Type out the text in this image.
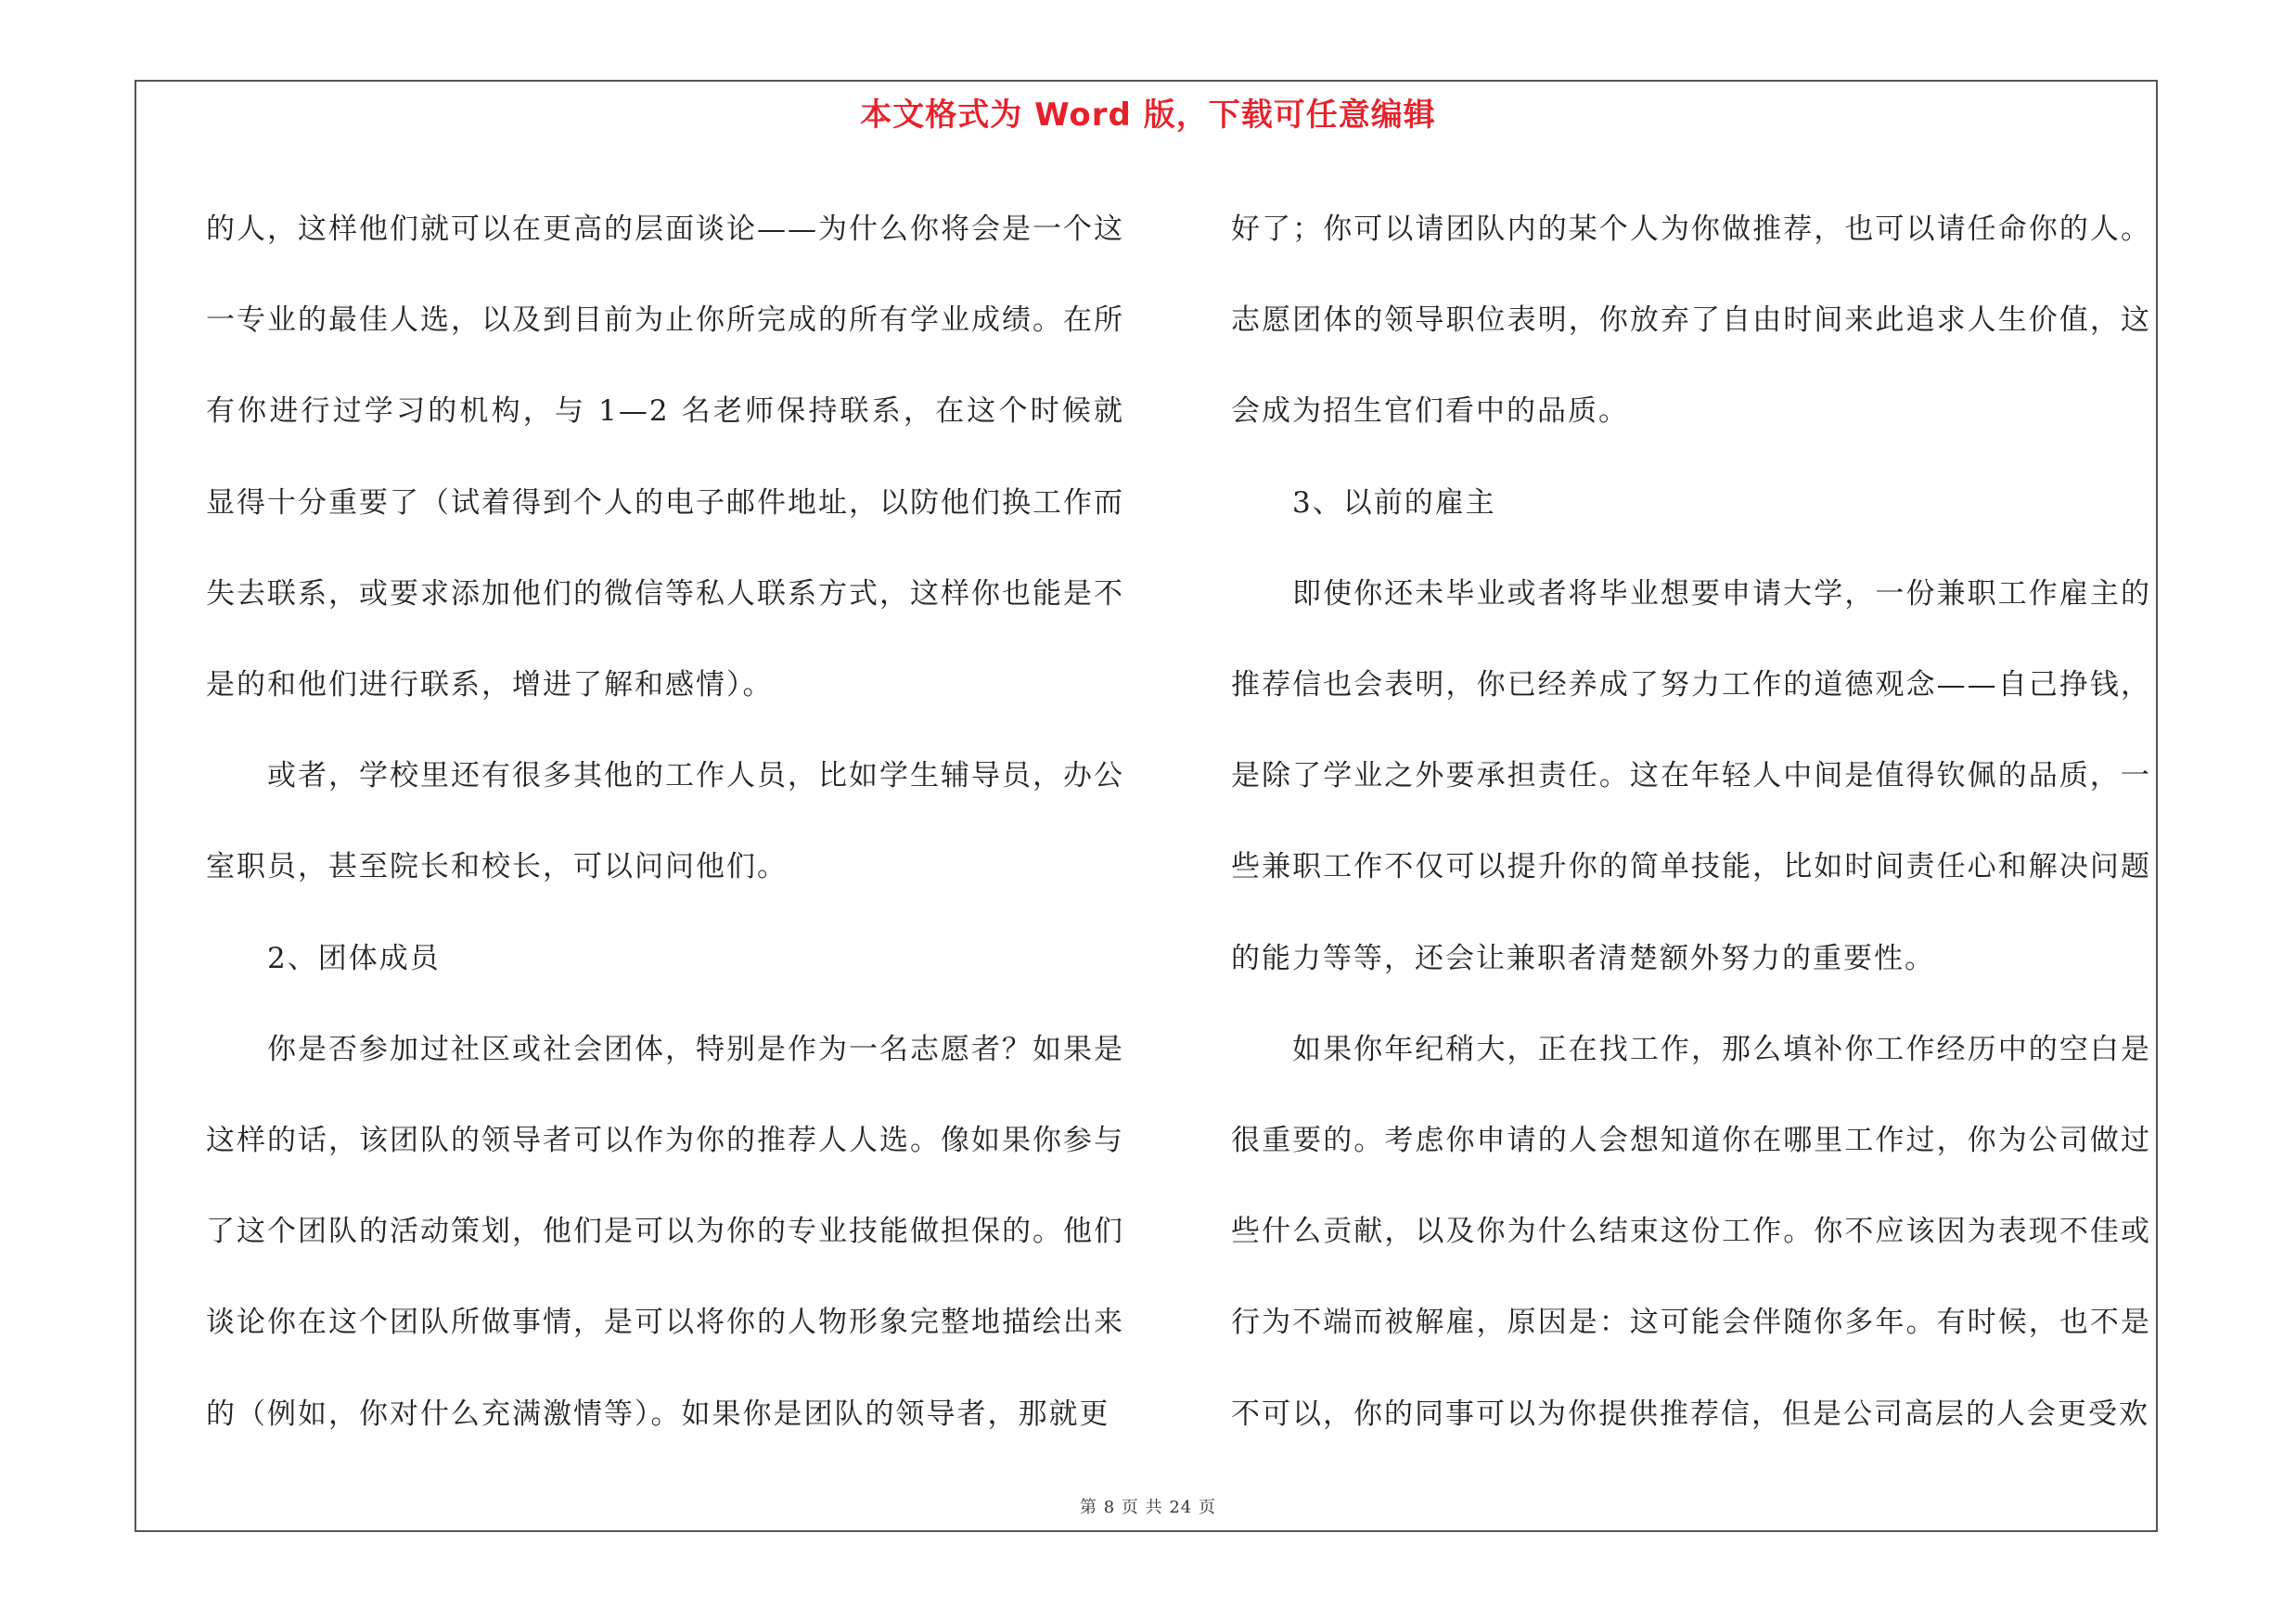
本文格式为 Word 版，下载可任意编辑

的人，这样他们就可以在更高的层面谈论——为什么你将会是一个这一专业的最佳人选，以及到目前为止你所完成的所有学业成绩。在所有你进行过学习的机构，与 1—2 名老师保持联系，在这个时候就显得十分重要了（试着得到个人的电子邮件地址，以防他们换工作而失去联系，或要求添加他们的微信等私人联系方式，这样你也能是不是的和他们进行联系，增进了解和感情）。

或者，学校里还有很多其他的工作人员，比如学生辅导员，办公室职员，甚至院长和校长，可以问问他们。

2、团体成员

你是否参加过社区或社会团体，特别是作为一名志愿者？如果是这样的话，该团队的领导者可以作为你的推荐人人选。像如果你参与了这个团队的活动策划，他们是可以为你的专业技能做担保的。他们谈论你在这个团队所做事情，是可以将你的人物形象完整地描绘出来的（例如，你对什么充满激情等）。如果你是团队的领导者，那就更

好了；你可以请团队内的某个人为你做推荐，也可以请任命你的人。志愿团体的领导职位表明，你放弃了自由时间来此追求人生价值，这会成为招生官们看中的品质。

3、以前的雇主

即使你还未毕业或者将毕业想要申请大学，一份兼职工作雇主的推荐信也会表明，你已经养成了努力工作的道德观念——自己挣钱，是除了学业之外要承担责任。这在年轻人中间是值得钦佩的品质，一些兼职工作不仅可以提升你的简单技能，比如时间责任心和解决问题的能力等等，还会让兼职者清楚额外努力的重要性。

如果你年纪稍大，正在找工作，那么填补你工作经历中的空白是很重要的。考虑你申请的人会想知道你在哪里工作过，你为公司做过些什么贡献，以及你为什么结束这份工作。你不应该因为表现不佳或行为不端而被解雇，原因是：这可能会伴随你多年。有时候，也不是不可以，你的同事可以为你提供推荐信，但是公司高层的人会更受欢

第 8 页 共 24 页
